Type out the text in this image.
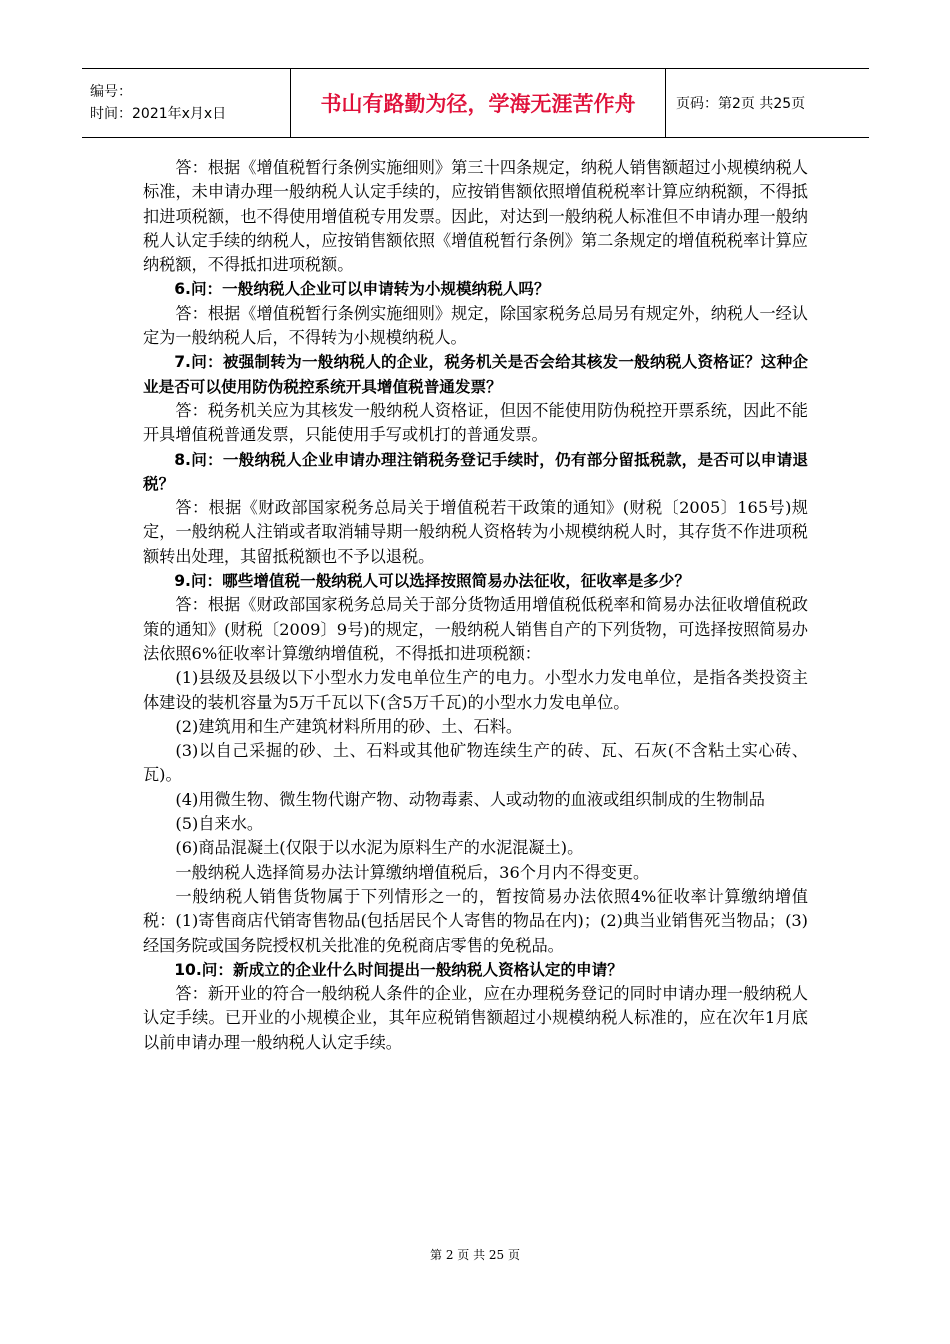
编号：
时间：2021年x月x日	书山有路勤为径，学海无涯苦作舟	页码：第2页 共25页

答：根据《增值税暂行条例实施细则》第三十四条规定，纳税人销售额超过小规模纳税人标准，未申请办理一般纳税人认定手续的，应按销售额依照增值税税率计算应纳税额，不得抵扣进项税额，也不得使用增值税专用发票。因此，对达到一般纳税人标准但不申请办理一般纳税人认定手续的纳税人，应按销售额依照《增值税暂行条例》第二条规定的增值税税率计算应纳税额，不得抵扣进项税额。

6.问：一般纳税人企业可以申请转为小规模纳税人吗？

答：根据《增值税暂行条例实施细则》规定，除国家税务总局另有规定外，纳税人一经认定为一般纳税人后，不得转为小规模纳税人。

7.问：被强制转为一般纳税人的企业，税务机关是否会给其核发一般纳税人资格证？这种企业是否可以使用防伪税控系统开具增值税普通发票？

答：税务机关应为其核发一般纳税人资格证，但因不能使用防伪税控开票系统，因此不能开具增值税普通发票，只能使用手写或机打的普通发票。

8.问：一般纳税人企业申请办理注销税务登记手续时，仍有部分留抵税款，是否可以申请退税？

答：根据《财政部国家税务总局关于增值税若干政策的通知》(财税〔2005〕165号)规定，一般纳税人注销或者取消辅导期一般纳税人资格转为小规模纳税人时，其存货不作进项税额转出处理，其留抵税额也不予以退税。

9.问：哪些增值税一般纳税人可以选择按照简易办法征收，征收率是多少？

答：根据《财政部国家税务总局关于部分货物适用增值税低税率和简易办法征收增值税政策的通知》(财税〔2009〕9号)的规定，一般纳税人销售自产的下列货物，可选择按照简易办法依照6%征收率计算缴纳增值税，不得抵扣进项税额：

(1)县级及县级以下小型水力发电单位生产的电力。小型水力发电单位，是指各类投资主体建设的装机容量为5万千瓦以下(含5万千瓦)的小型水力发电单位。

(2)建筑用和生产建筑材料所用的砂、土、石料。

(3)以自己采掘的砂、土、石料或其他矿物连续生产的砖、瓦、石灰(不含粘土实心砖、瓦)。

(4)用微生物、微生物代谢产物、动物毒素、人或动物的血液或组织制成的生物制品

(5)自来水。

(6)商品混凝土(仅限于以水泥为原料生产的水泥混凝土)。

一般纳税人选择简易办法计算缴纳增值税后，36个月内不得变更。

一般纳税人销售货物属于下列情形之一的，暂按简易办法依照4%征收率计算缴纳增值税：(1)寄售商店代销寄售物品(包括居民个人寄售的物品在内)；(2)典当业销售死当物品；(3)经国务院或国务院授权机关批准的免税商店零售的免税品。

10.问：新成立的企业什么时间提出一般纳税人资格认定的申请？

答：新开业的符合一般纳税人条件的企业，应在办理税务登记的同时申请办理一般纳税人认定手续。已开业的小规模企业，其年应税销售额超过小规模纳税人标准的，应在次年1月底以前申请办理一般纳税人认定手续。

第 2 页 共 25 页
